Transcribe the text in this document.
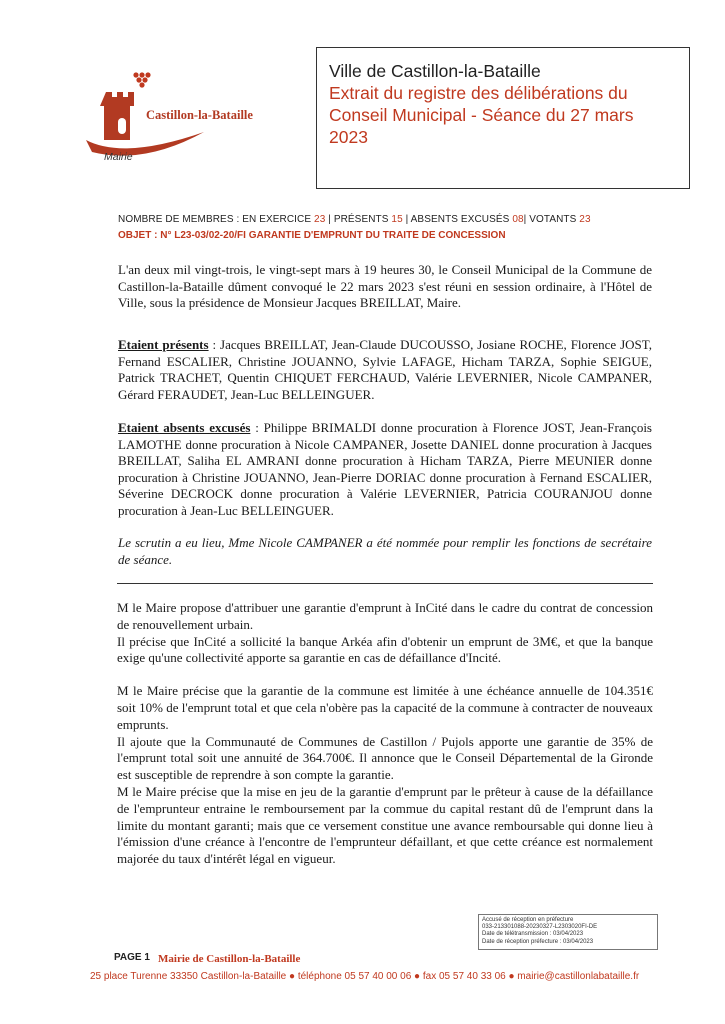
Castillon-la-Bataille
Mairie
Ville de Castillon-la-Bataille
Extrait du registre des délibérations du
Conseil Municipal - Séance du 27 mars
2023
NOMBRE DE MEMBRES : EN EXERCICE 23 | PRÉSENTS 15 | ABSENTS EXCUSÉS 08| VOTANTS 23
OBJET : N° L23-03/02-20/FI GARANTIE D'EMPRUNT DU TRAITE DE CONCESSION
L'an deux mil vingt-trois, le vingt-sept mars à 19 heures 30, le Conseil Municipal de la Commune de Castillon-la-Bataille dûment convoqué le 22 mars 2023 s'est réuni en session ordinaire, à l'Hôtel de Ville, sous la présidence de Monsieur Jacques BREILLAT, Maire.
Etaient présents : Jacques BREILLAT, Jean-Claude DUCOUSSO, Josiane ROCHE, Florence JOST, Fernand ESCALIER, Christine JOUANNO, Sylvie LAFAGE, Hicham TARZA, Sophie SEIGUE, Patrick TRACHET, Quentin CHIQUET FERCHAUD, Valérie LEVERNIER, Nicole CAMPANER, Gérard FERAUDET, Jean-Luc BELLEINGUER.
Etaient absents excusés : Philippe BRIMALDI donne procuration à Florence JOST, Jean-François LAMOTHE donne procuration à Nicole CAMPANER, Josette DANIEL donne procuration à Jacques BREILLAT, Saliha EL AMRANI donne procuration à Hicham TARZA, Pierre MEUNIER donne procuration à Christine JOUANNO, Jean-Pierre DORIAC donne procuration à Fernand ESCALIER, Séverine DECROCK donne procuration à Valérie LEVERNIER, Patricia COURANJOU donne procuration à Jean-Luc BELLEINGUER.
Le scrutin a eu lieu, Mme Nicole CAMPANER a été nommée pour remplir les fonctions de secrétaire de séance.

M le Maire propose d'attribuer une garantie d'emprunt à InCité dans le cadre du contrat de concession de renouvellement urbain.

Il précise que InCité a sollicité la banque Arkéa afin d'obtenir un emprunt de 3M€, et que la banque exige qu'une collectivité apporte sa garantie en cas de défaillance d'Incité.

M le Maire précise que la garantie de la commune est limitée à une échéance annuelle de 104.351€ soit 10% de l'emprunt total et que cela n'obère pas la capacité de la commune à contracter de nouveaux emprunts.

Il ajoute que la Communauté de Communes de Castillon / Pujols apporte une garantie de 35% de l'emprunt total soit une annuité de 364.700€. Il annonce que le Conseil Départemental de la Gironde est susceptible de reprendre à son compte la garantie.

M le Maire précise que la mise en jeu de la garantie d'emprunt par le prêteur à cause de la défaillance de l'emprunteur entraine le remboursement par la commue du capital restant dû de l'emprunt dans la limite du montant garanti; mais que ce versement constitue une avance remboursable qui donne lieu à l'émission d'une créance à l'encontre de l'emprunteur défaillant, et que cette créance est normalement majorée du taux d'intérêt légal en vigueur.

Accusé de réception en préfecture
033-213301088-20230327-L2303020FI-DE
Date de télétransmission : 03/04/2023
Date de réception préfecture : 03/04/2023
PAGE 1 Mairie de Castillon-la-Bataille
25 place Turenne 33350 Castillon-la-Bataille ● téléphone 05 57 40 00 06 ● fax 05 57 40 33 06 ● mairie@castillonlabataille.fr
